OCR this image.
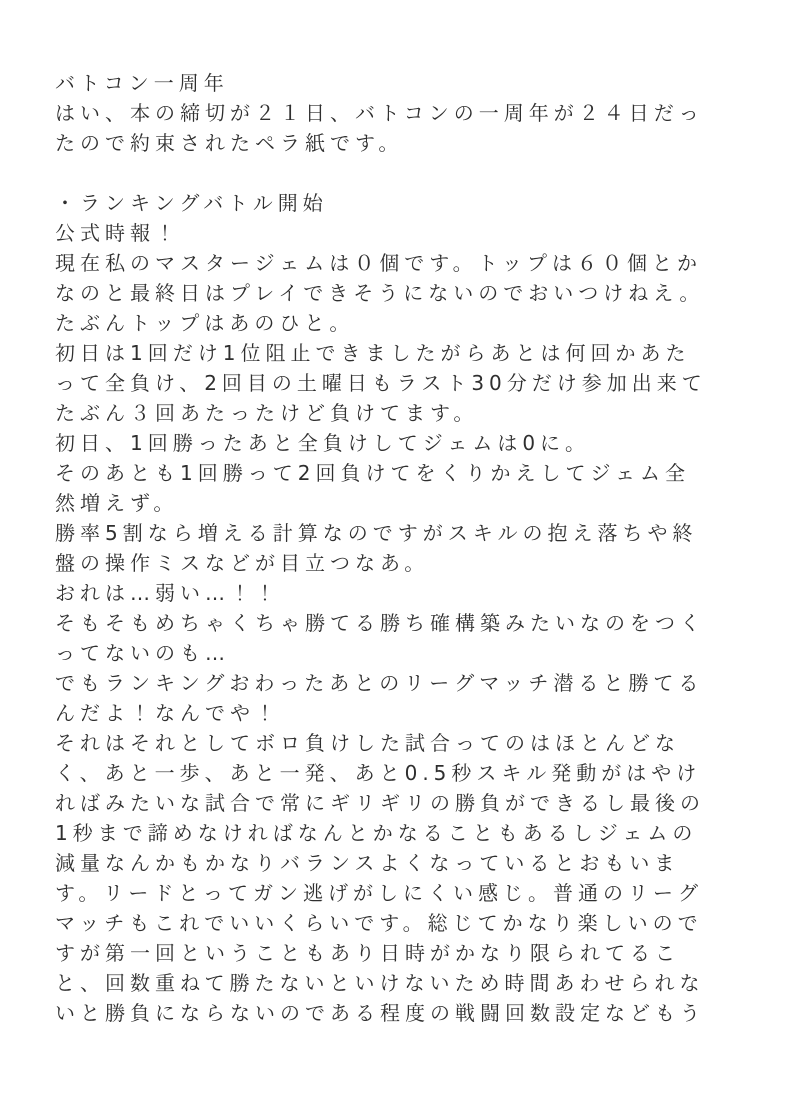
バトコン一周年
はい、本の締切が２１日、バトコンの一周年が２４日だっ
たので約束されたペラ紙です。

・ランキングバトル開始
公式時報！
現在私のマスタージェムは０個です。トップは６０個とか
なのと最終日はプレイできそうにないのでおいつけねえ。
たぶんトップはあのひと。
初日は1回だけ1位阻止できましたがらあとは何回かあた
って全負け、2回目の土曜日もラスト30分だけ参加出来て
たぶん３回あたったけど負けてます。
初日、1回勝ったあと全負けしてジェムは0に。
そのあとも1回勝って2回負けてをくりかえしてジェム全
然増えず。
勝率5割なら増える計算なのですがスキルの抱え落ちや終
盤の操作ミスなどが目立つなあ。
おれは…弱い…！！
そもそもめちゃくちゃ勝てる勝ち確構築みたいなのをつく
ってないのも…
でもランキングおわったあとのリーグマッチ潜ると勝てる
んだよ！なんでや！
それはそれとしてボロ負けした試合ってのはほとんどな
く、あと一歩、あと一発、あと0.5秒スキル発動がはやけ
ればみたいな試合で常にギリギリの勝負ができるし最後の
1秒まで諦めなければなんとかなることもあるしジェムの
減量なんかもかなりバランスよくなっているとおもいま
す。リードとってガン逃げがしにくい感じ。普通のリーグ
マッチもこれでいいくらいです。総じてかなり楽しいので
すが第一回ということもあり日時がかなり限られてるこ
と、回数重ねて勝たないといけないため時間あわせられな
いと勝負にならないのである程度の戦闘回数設定などもう
